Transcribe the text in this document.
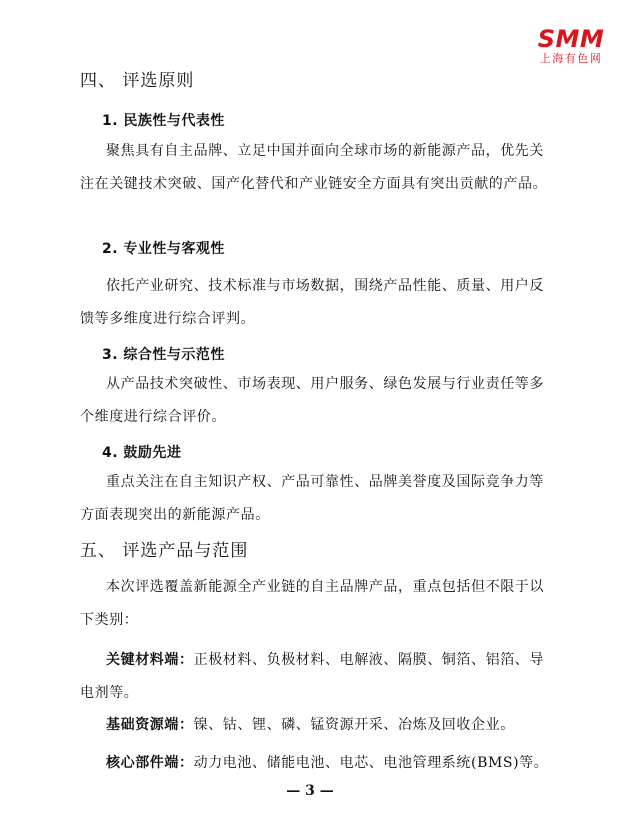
SMM
上海有色网
四、 评选原则
1. 民族性与代表性

聚焦具有自主品牌、立足中国并面向全球市场的新能源产品，优先关注在关键技术突破、国产化替代和产业链安全方面具有突出贡献的产品。

2. 专业性与客观性

依托产业研究、技术标准与市场数据，围绕产品性能、质量、用户反馈等多维度进行综合评判。

3. 综合性与示范性

从产品技术突破性、市场表现、用户服务、绿色发展与行业责任等多个维度进行综合评价。

4. 鼓励先进

重点关注在自主知识产权、产品可靠性、品牌美誉度及国际竞争力等方面表现突出的新能源产品。

五、 评选产品与范围

本次评选覆盖新能源全产业链的自主品牌产品，重点包括但不限于以下类别：

关键材料端：正极材料、负极材料、电解液、隔膜、铜箔、铝箔、导电剂等。

基础资源端：镍、钴、锂、磷、锰资源开采、冶炼及回收企业。

核心部件端：动力电池、储能电池、电芯、电池管理系统(BMS)等。

— 3 —
